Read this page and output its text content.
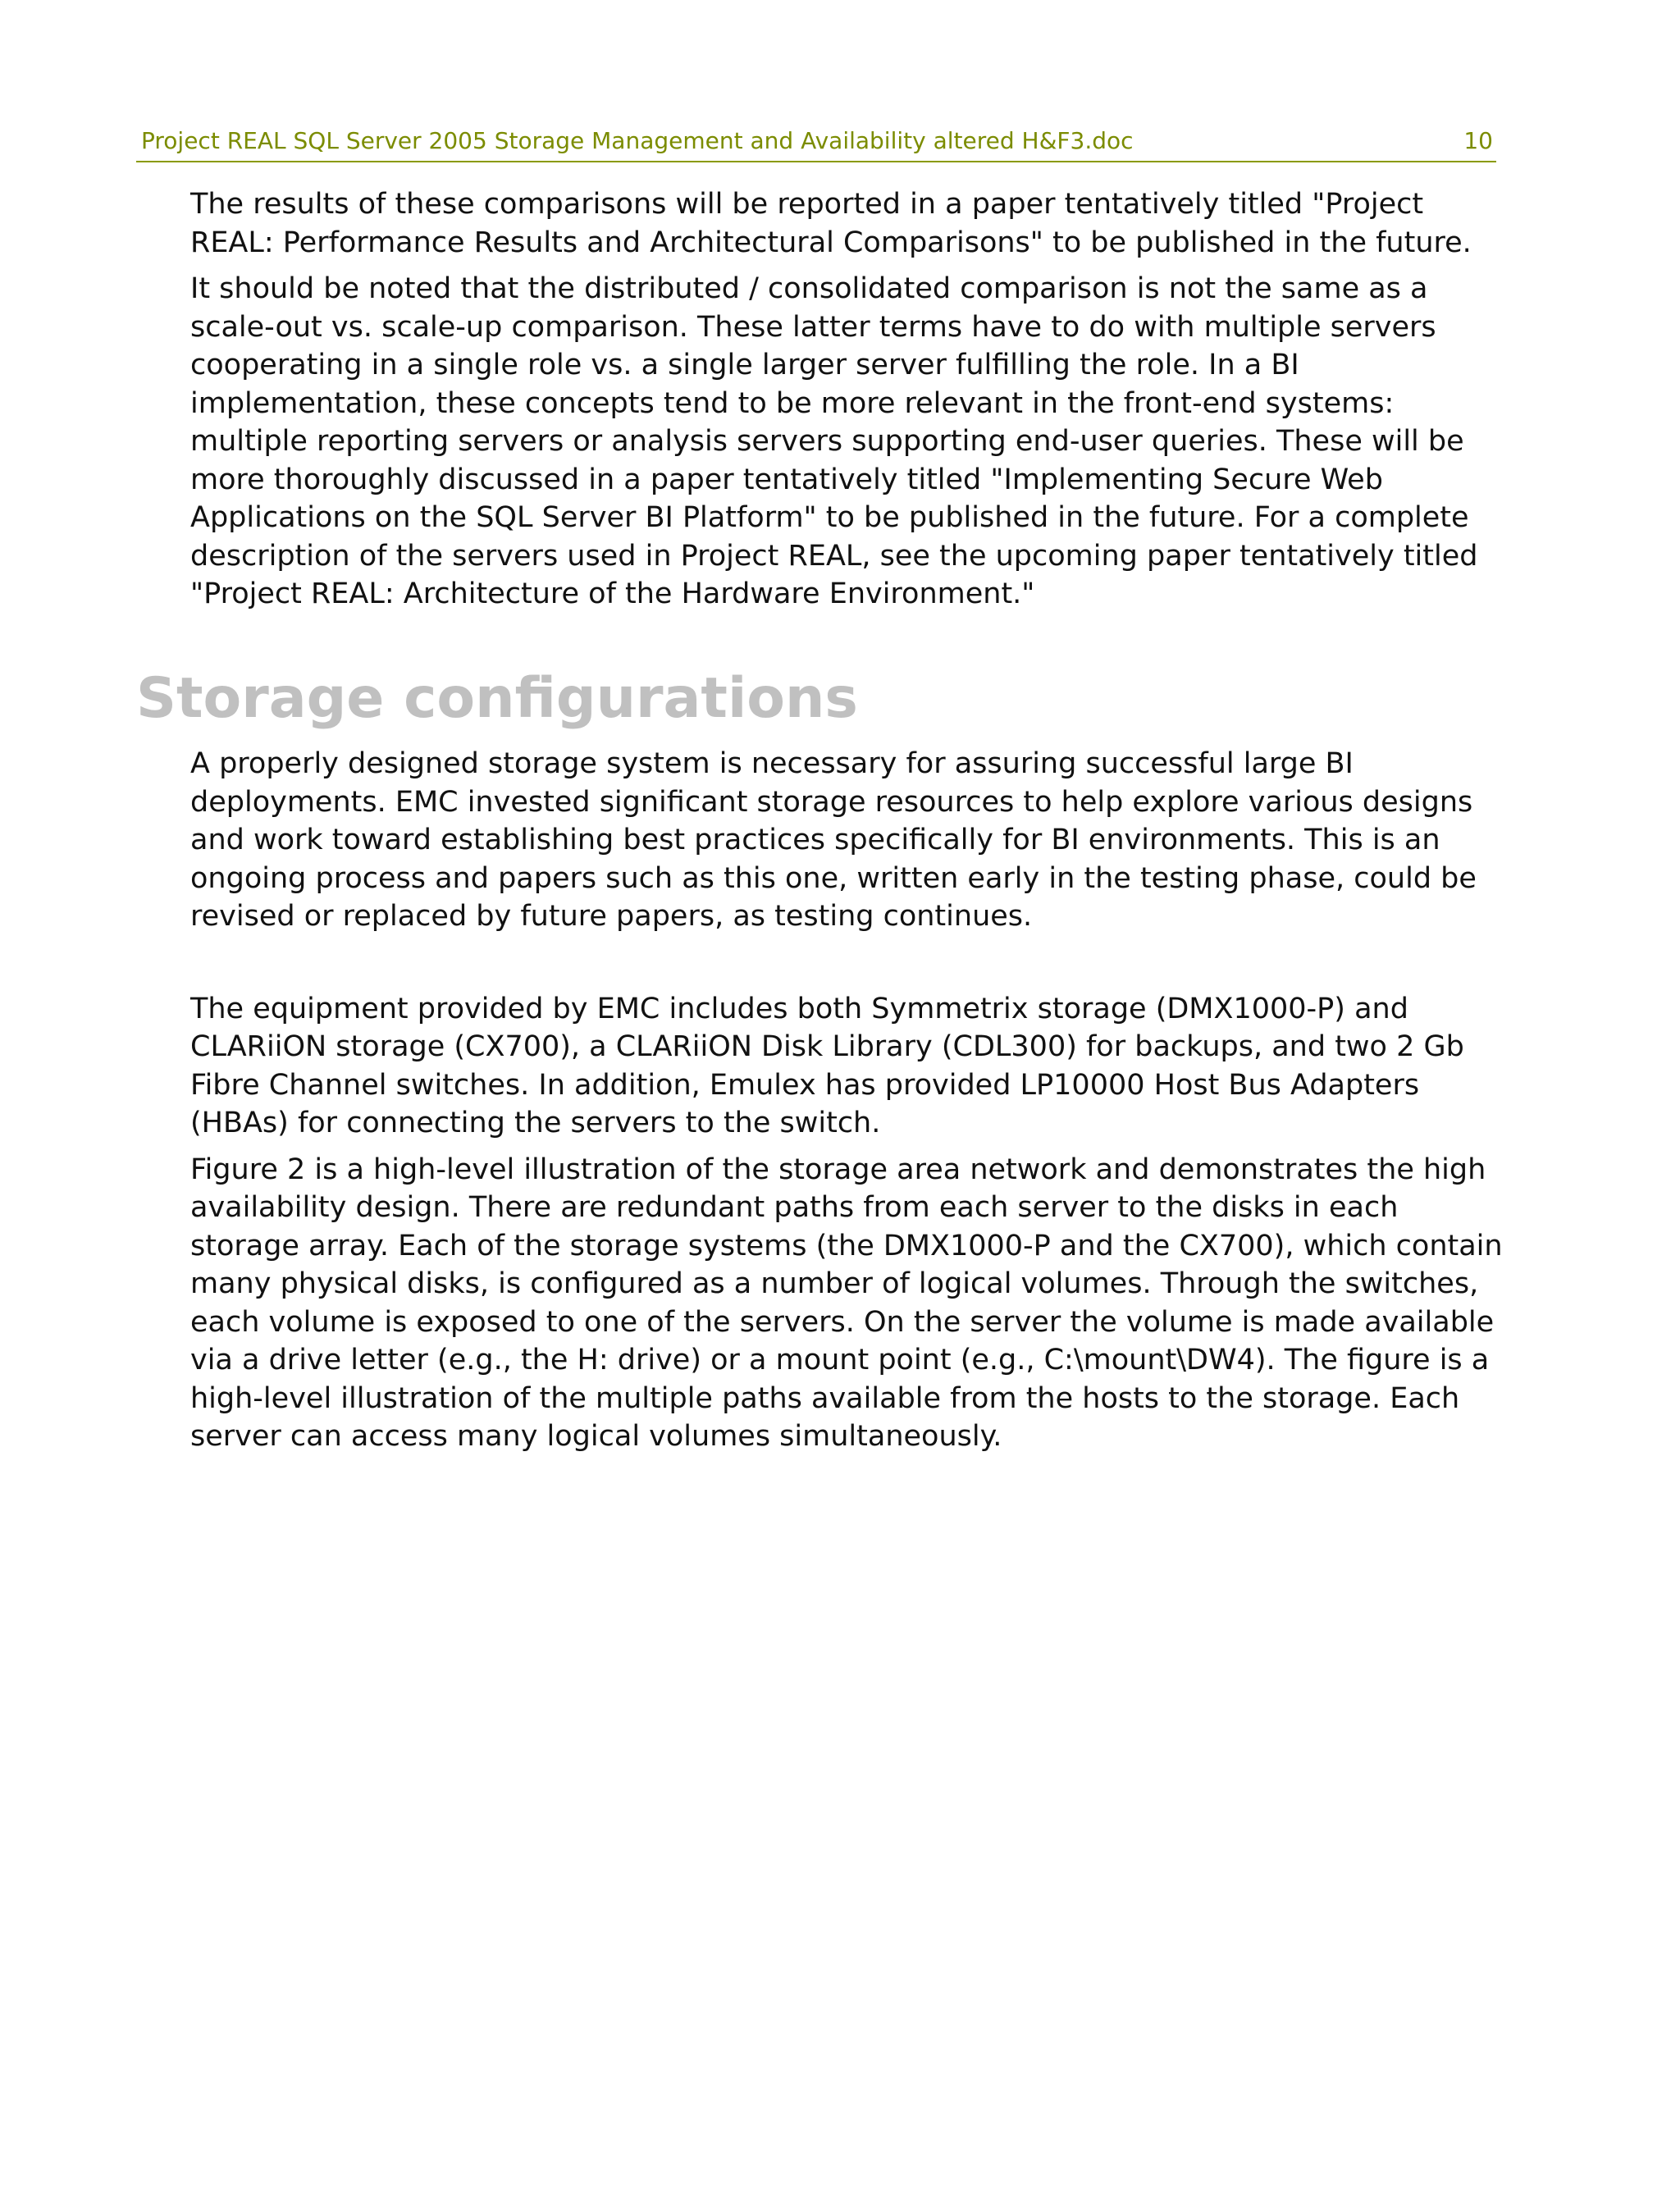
Project REAL SQL Server 2005 Storage Management and Availability altered H&F3.doc	10

The results of these comparisons will be reported in a paper tentatively titled "Project REAL: Performance Results and Architectural Comparisons" to be published in the future.

It should be noted that the distributed / consolidated comparison is not the same as a scale-out vs. scale-up comparison. These latter terms have to do with multiple servers cooperating in a single role vs. a single larger server fulfilling the role. In a BI implementation, these concepts tend to be more relevant in the front-end systems: multiple reporting servers or analysis servers supporting end-user queries. These will be more thoroughly discussed in a paper tentatively titled "Implementing Secure Web Applications on the SQL Server BI Platform" to be published in the future. For a complete description of the servers used in Project REAL, see the upcoming paper tentatively titled "Project REAL: Architecture of the Hardware Environment."

Storage configurations

A properly designed storage system is necessary for assuring successful large BI deployments. EMC invested significant storage resources to help explore various designs and work toward establishing best practices specifically for BI environments. This is an ongoing process and papers such as this one, written early in the testing phase, could be revised or replaced by future papers, as testing continues.

The equipment provided by EMC includes both Symmetrix storage (DMX1000-P) and CLARiiON storage (CX700), a CLARiiON Disk Library (CDL300) for backups, and two 2 Gb Fibre Channel switches. In addition, Emulex has provided LP10000 Host Bus Adapters (HBAs) for connecting the servers to the switch.

Figure 2 is a high-level illustration of the storage area network and demonstrates the high availability design. There are redundant paths from each server to the disks in each storage array. Each of the storage systems (the DMX1000-P and the CX700), which contain many physical disks, is configured as a number of logical volumes. Through the switches, each volume is exposed to one of the servers. On the server the volume is made available via a drive letter (e.g., the H: drive) or a mount point (e.g., C:\mount\DW4). The figure is a high-level illustration of the multiple paths available from the hosts to the storage. Each server can access many logical volumes simultaneously.
